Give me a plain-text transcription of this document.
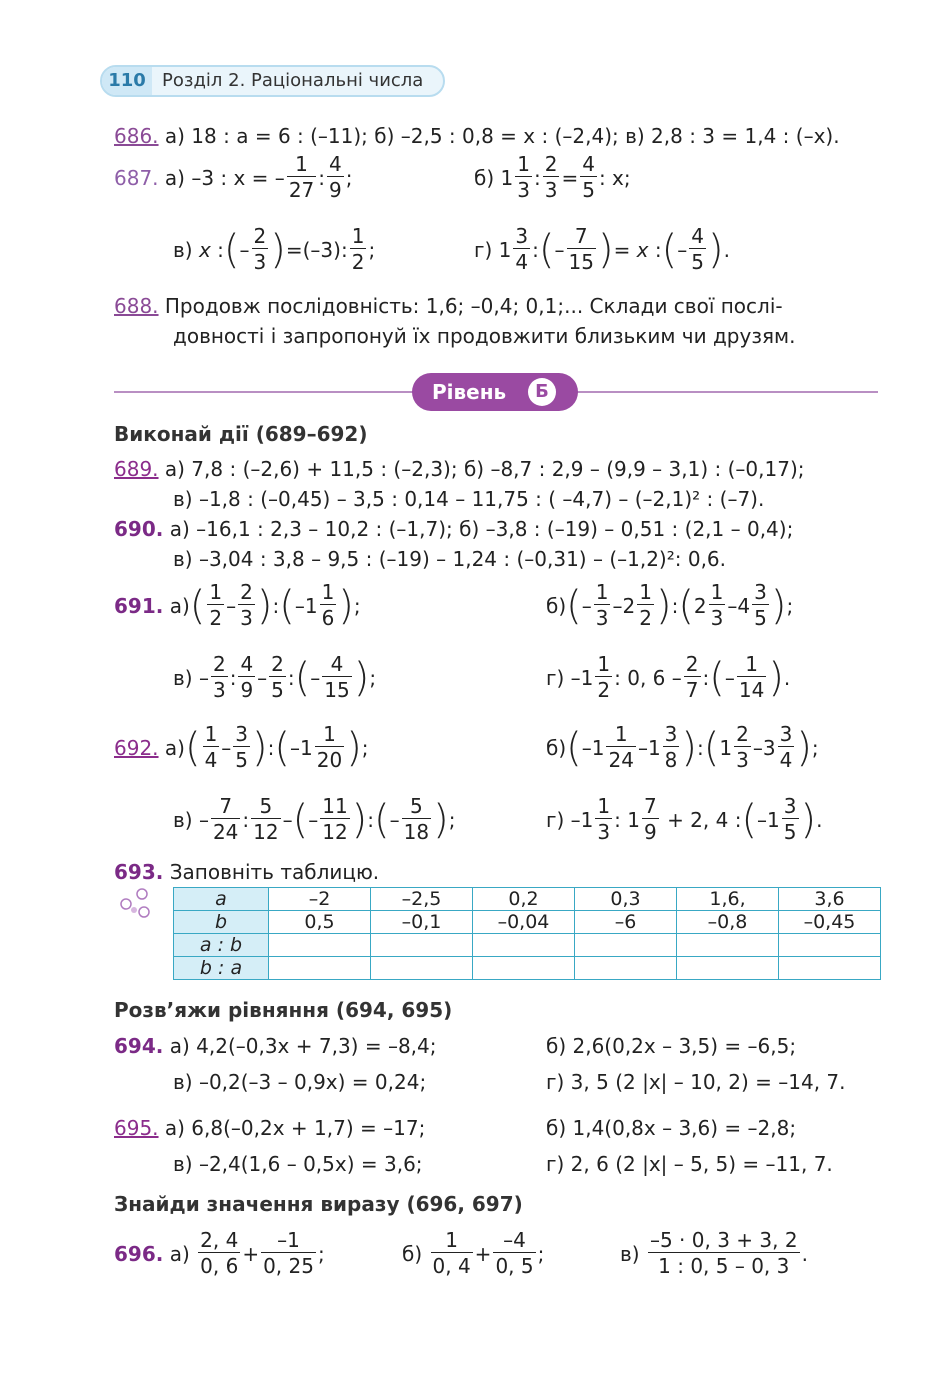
110 Розділ 2. Раціональні числа
686. а) 18 : a = 6 : (–11); б) –2,5 : 0,8 = x : (–2,4); в) 2,8 : 3 = 1,4 : (–x).
687.
а)
–3 : x = – $\frac{1}{27}$ : $\frac{4}{9}$ ;	б)
$1 \frac{1}{3}$ : $\frac{2}{3} = \frac{4}{5}$ : x;
в)
x : ( – $\frac{2}{3}$ ) =(–3) : $\frac{1}{2}$ ;	г)
$1 \frac{3}{4}$ : ( – $\frac{7}{15}$ ) = x : ( – $\frac{4}{5}$ ) .
688. Продовж послідовність: 1,6; –0,4; 0,1;... Склади свої послі-
довності і запропонуй їх продовжити близьким чи друзям.
Рівень	Б
Виконай дії (689–692)
689. а) 7,8 : (–2,6) + 11,5 : (–2,3); б) –8,7 : 2,9 – (9,9 – 3,1) : (–0,17);
в) –1,8 : (–0,45) – 3,5 : 0,14 – 11,75 : ( –4,7) – (–2,1)² : (–7).
690. а) –16,1 : 2,3 – 10,2 : (–1,7); б) –3,8 : (–19) – 0,51 : (2,1 – 0,4);
в) –3,04 : 3,8 – 9,5 : (–19) – 1,24 : (–0,31) – (–1,2)²: 0,6.
691.
а) ( $\frac{1}{2} - \frac{2}{3}$ ) : ( $-1 \frac{1}{6}$ ) ;	б) ( – $\frac{1}{3} - 2 \frac{1}{2}$ ) : ( $2 \frac{1}{3} - 4 \frac{3}{5}$ ) ;
$в) - \frac{2}{3}$ : $\frac{4}{9} - \frac{2}{5}$ : ( – $\frac{4}{15}$ ) ;	г)
$-1 \frac{1}{2}$ : 0, $6 - \frac{2}{7}$ : ( – $\frac{1}{14}$ ) .
692.
а) ( $\frac{1}{4} - \frac{3}{5}$ ) : ( $-1 \frac{1}{20}$ ) ;	б) ( $-1 \frac{1}{24} -1 \frac{3}{8}$ ) : ( $1 \frac{2}{3} -3 \frac{3}{4}$ ) ;
$в) - \frac{7}{24}$ : $\frac{5}{12}$ – ( – $\frac{11}{12}$ ) : ( – $\frac{5}{18}$ ) ;	г)
$-1 \frac{1}{3}$ : $1 \frac{7}{9}$
+ 2, 4 : ( $-1 \frac{3}{5}$ ) .
693. Заповніть таблицю.
a	–2	–2,5	0,2	0,3	1,6,	3,6
b	0,5	–0,1	–0,04	–6	–0,8	–0,45
a : b						
b : a						
Розв’яжи рівняння (694, 695)
694. а) 4,2(–0,3x + 7,3) = –8,4;	б) 2,6(0,2x – 3,5) = –6,5;
в) –0,2(–3 – 0,9x) = 0,24;	г) 3, 5 (2 |x| – 10, 2) = –14, 7.
695. а) 6,8(–0,2x + 1,7) = –17;	б) 1,4(0,8x – 3,6) = –2,8;
в) –2,4(1,6 – 0,5x) = 3,6;	г) 2, 6 (2 |x| – 5, 5) = –11, 7.
Знайди значення виразу (696, 697)
696.
а)
$\frac{2, 4}{0, 6} + \frac{-1}{0, 25}$ ;	б)
$\frac{1}{0, 4} + \frac{-4}{0, 5}$ ;	в)
$\frac{-5 \cdot 0, 3 + 3, 2}{1 : 0, 5 - 0, 3}$ .
